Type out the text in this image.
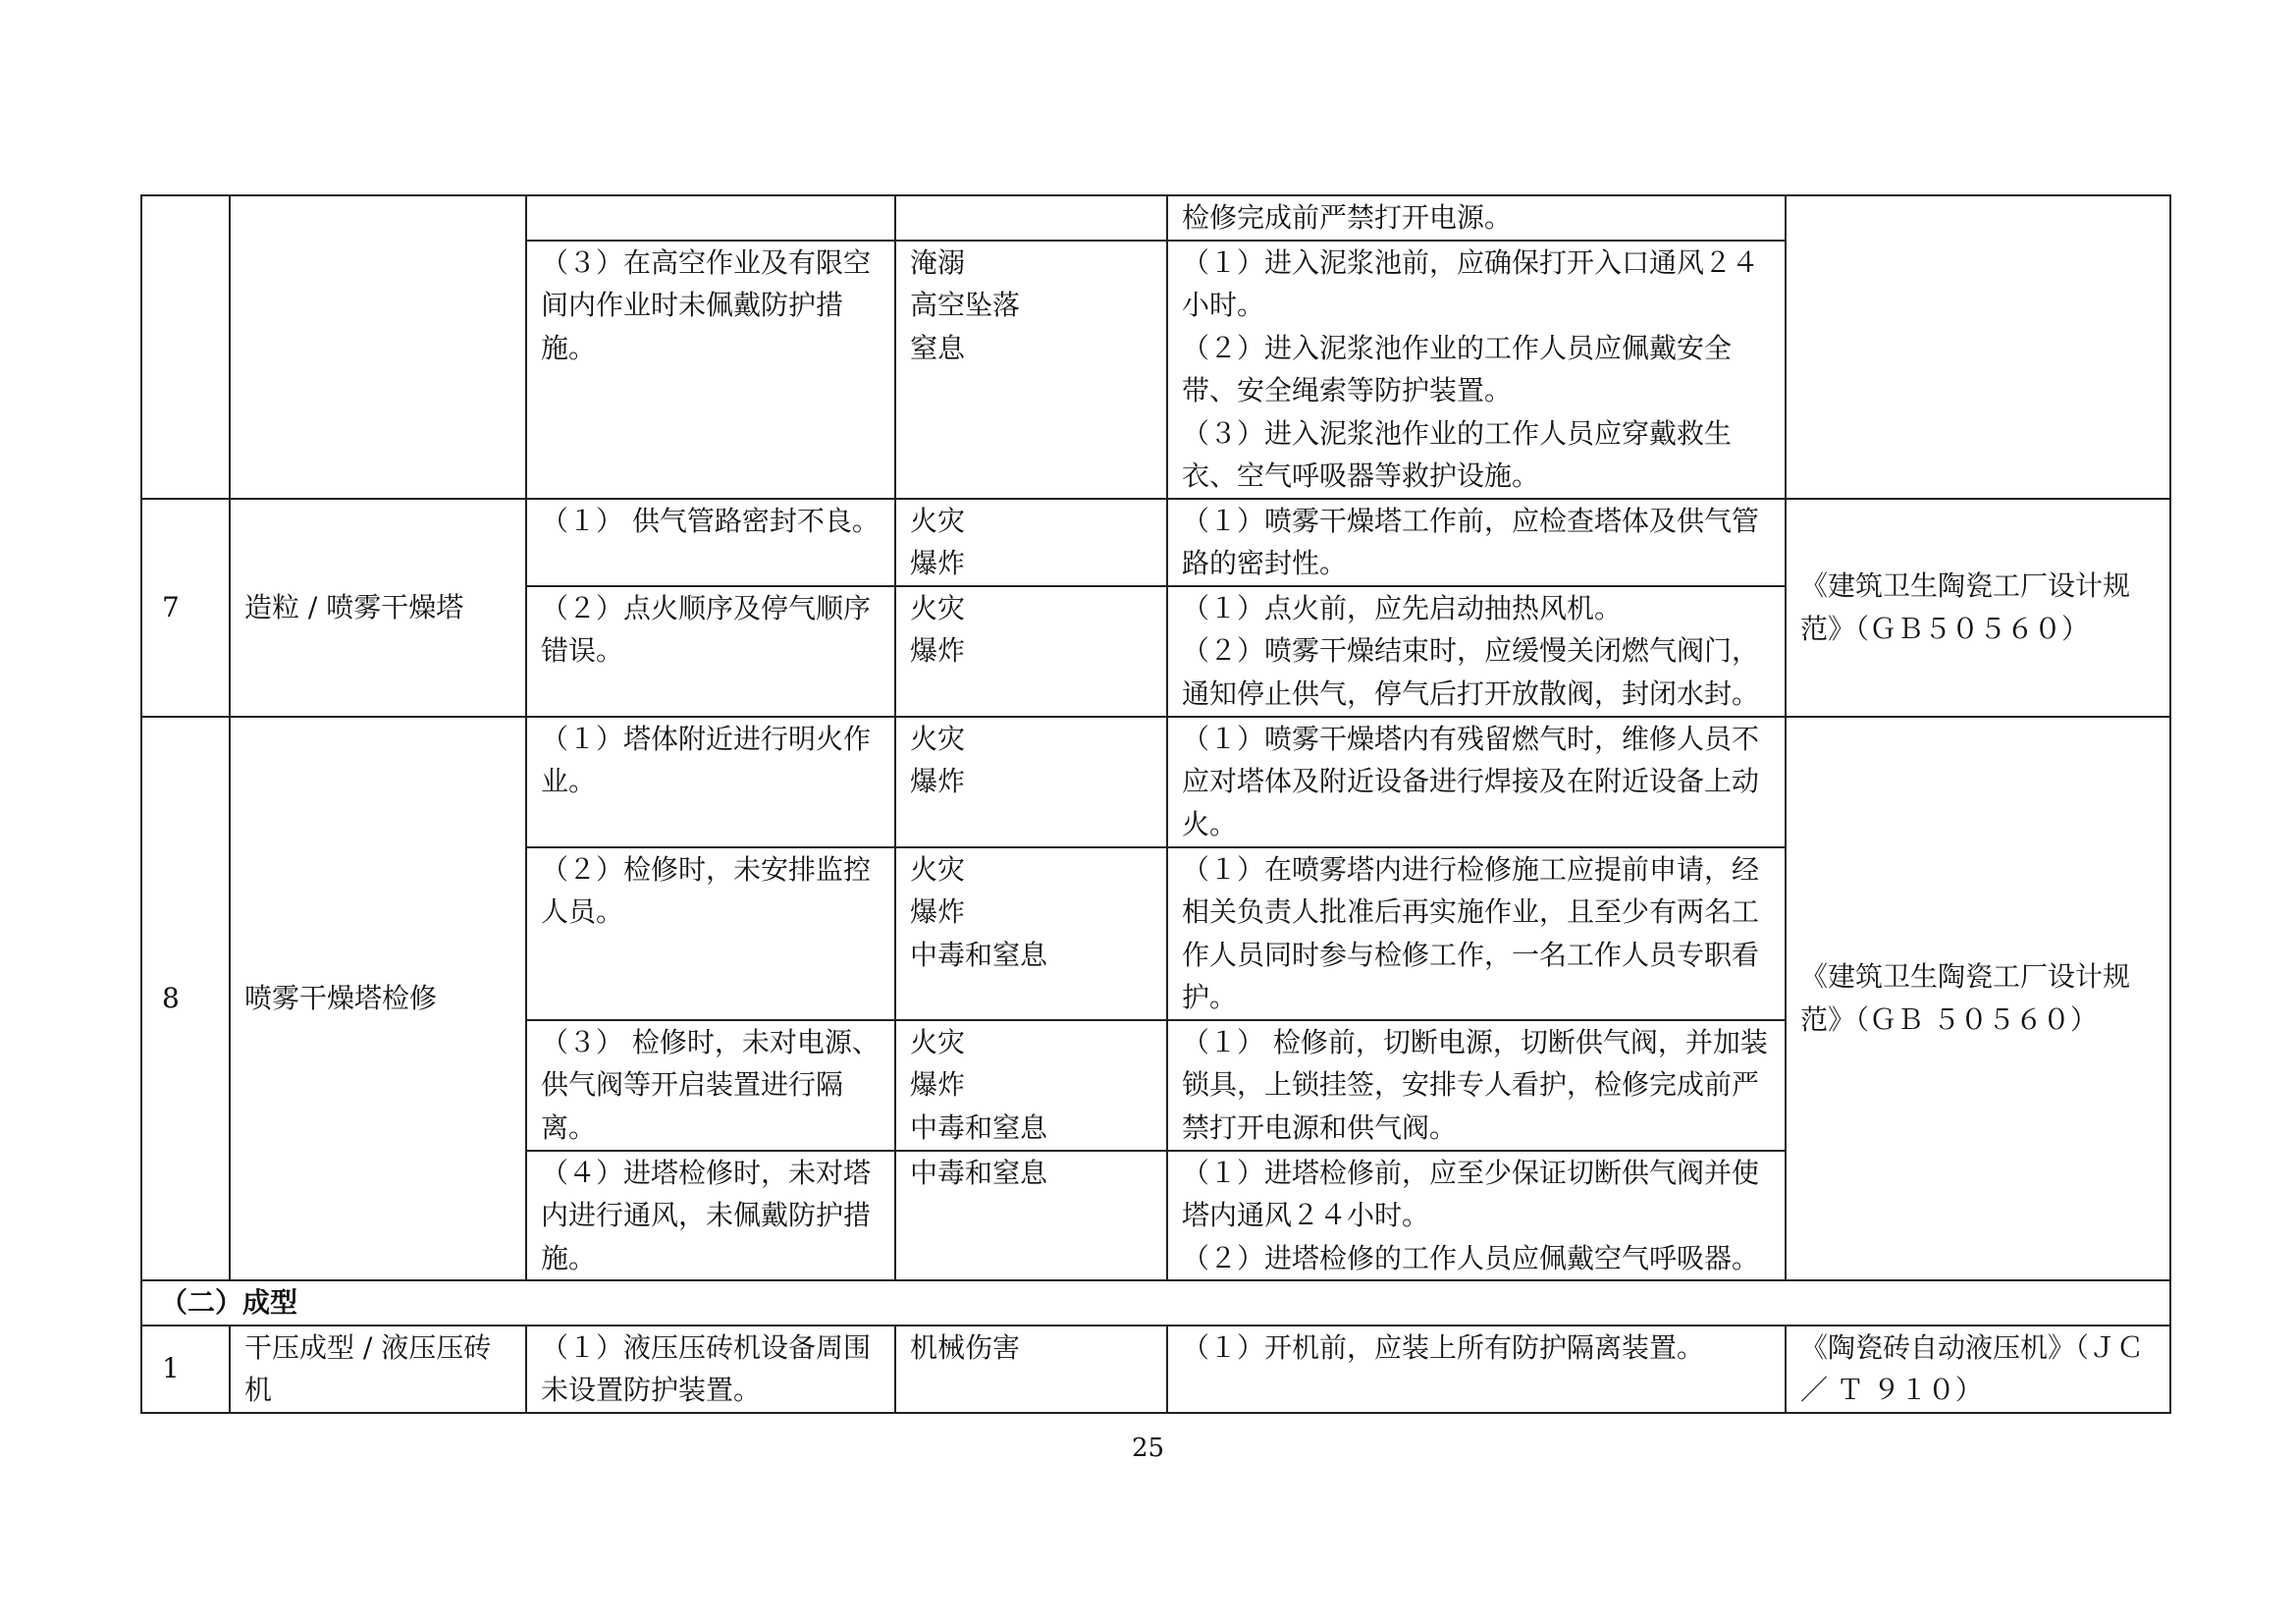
				检修完成前严禁打开电源。	

		（３）在高空作业及有限空间内作业时未佩戴防护措施。	淹溺
高空坠落
窒息	（１）进入泥浆池前，应确保打开入口通风２４小时。
（２）进入泥浆池作业的工作人员应佩戴安全带、安全绳索等防护装置。
（３）进入泥浆池作业的工作人员应穿戴救生衣、空气呼吸器等救护设施。	

7	造粒 / 喷雾干燥塔	（１） 供气管路密封不良。	火灾
爆炸	（１）喷雾干燥塔工作前，应检查塔体及供气管路的密封性。	《建筑卫生陶瓷工厂设计规范》（ＧＢ５０５６０）

		（２）点火顺序及停气顺序错误。	火灾
爆炸	（１）点火前，应先启动抽热风机。
（２）喷雾干燥结束时，应缓慢关闭燃气阀门，通知停止供气，停气后打开放散阀，封闭水封。	

8	喷雾干燥塔检修	（１）塔体附近进行明火作业。	火灾
爆炸	（１）喷雾干燥塔内有残留燃气时，维修人员不应对塔体及附近设备进行焊接及在附近设备上动火。	《建筑卫生陶瓷工厂设计规范》（ＧＢ ５０５６０）

		（２）检修时，未安排监控人员。	火灾
爆炸
中毒和窒息	（１）在喷雾塔内进行检修施工应提前申请，经相关负责人批准后再实施作业，且至少有两名工作人员同时参与检修工作，一名工作人员专职看护。	

		（３） 检修时，未对电源、供气阀等开启装置进行隔离。	火灾
爆炸
中毒和窒息	（１） 检修前，切断电源，切断供气阀，并加装锁具，上锁挂签，安排专人看护，检修完成前严禁打开电源和供气阀。	

		（４）进塔检修时，未对塔内进行通风，未佩戴防护措施。	中毒和窒息	（１）进塔检修前，应至少保证切断供气阀并使塔内通风２４小时。
（２）进塔检修的工作人员应佩戴空气呼吸器。	

（二）成型					
1	干压成型 / 液压压砖机	（１）液压压砖机设备周围未设置防护装置。	机械伤害	（１）开机前，应装上所有防护隔离装置。	《陶瓷砖自动液压机》（ＪＣ／ Ｔ ９１０）
25
